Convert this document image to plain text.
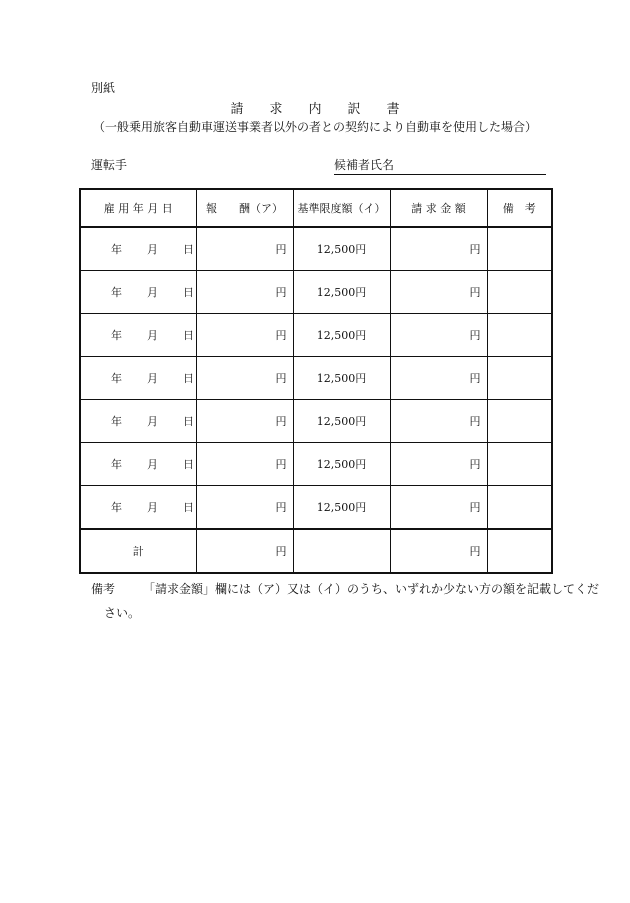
別紙
請 求 内 訳 書
（一般乗用旅客自動車運送事業者以外の者との契約により自動車を使用した場合）
運転手	候補者氏名
雇 用 年 月 日	報　　酬（ア）	基準限度額（イ）	請 求 金 額	備　考

年 月 日	円	12,500円	円	

年 月 日	円	12,500円	円	

年 月 日	円	12,500円	円	

年 月 日	円	12,500円	円	

年 月 日	円	12,500円	円	

年 月 日	円	12,500円	円	

年 月 日	円	12,500円	円	
計	円		円	
備考 「請求金額」欄には（ア）又は（イ）のうち、いずれか少ない方の額を記載してくだ
さい。
